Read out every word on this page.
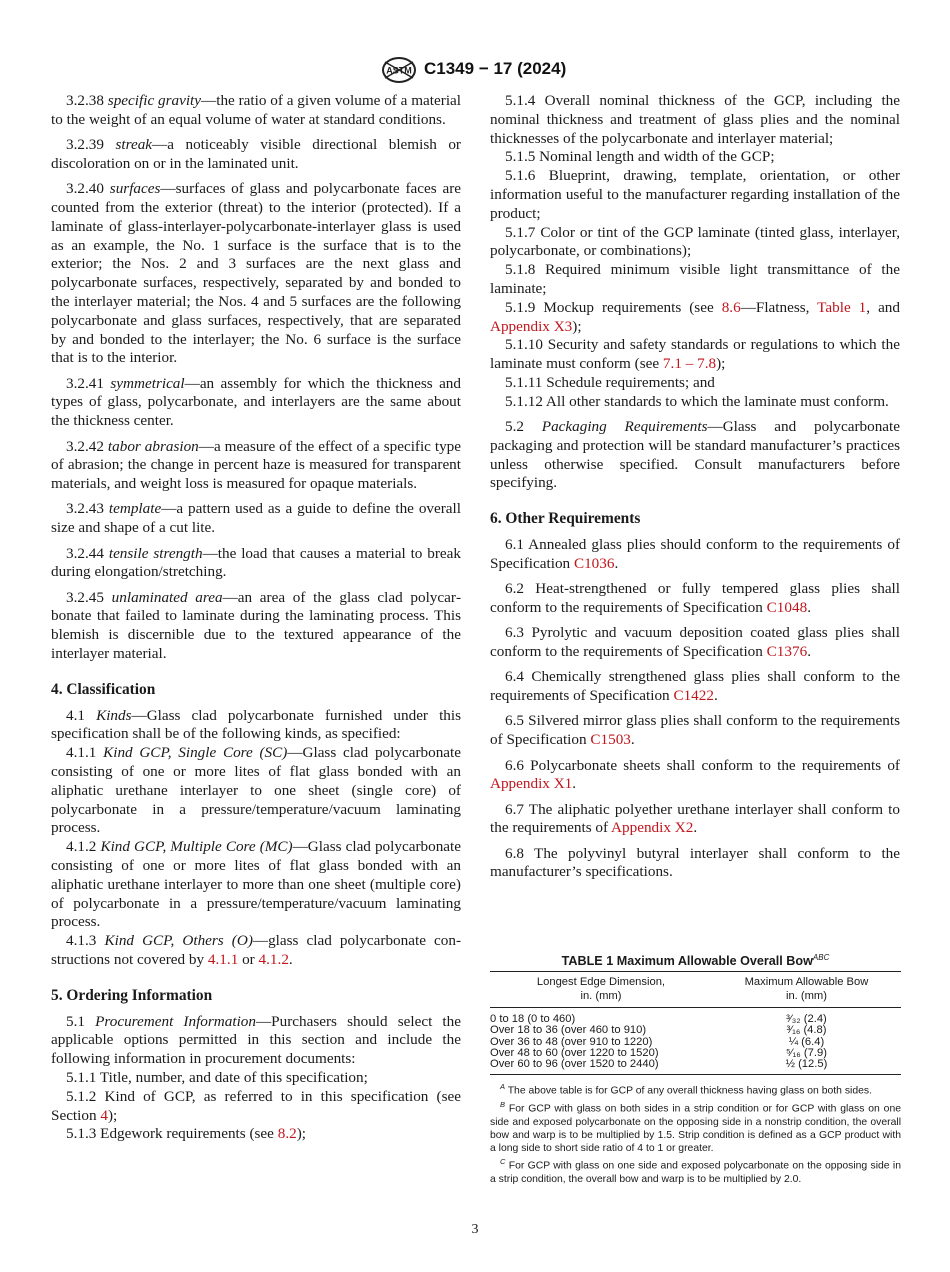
ASTM C1349 − 17 (2024)

3.2.38 specific gravity—the ratio of a given volume of a material to the weight of an equal volume of water at standard conditions.

3.2.39 streak—a noticeably visible directional blemish or discoloration on or in the laminated unit.

3.2.40 surfaces—surfaces of glass and polycarbonate faces are counted from the exterior (threat) to the interior (protected). If a laminate of glass-interlayer-polycarbonate-interlayer glass is used as an example, the No. 1 surface is the surface that is to the exterior; the Nos. 2 and 3 surfaces are the next glass and polycarbonate surfaces, respectively, separated by and bonded to the interlayer material; the Nos. 4 and 5 surfaces are the following polycarbonate and glass surfaces, respectively, that are separated by and bonded to the interlayer; the No. 6 surface is the surface that is to the interior.

3.2.41 symmetrical—an assembly for which the thickness and types of glass, polycarbonate, and interlayers are the same about the thickness center.

3.2.42 tabor abrasion—a measure of the effect of a specific type of abrasion; the change in percent haze is measured for transparent materials, and weight loss is measured for opaque materials.

3.2.43 template—a pattern used as a guide to define the overall size and shape of a cut lite.

3.2.44 tensile strength—the load that causes a material to break during elongation/stretching.

3.2.45 unlaminated area—an area of the glass clad polycarbonate that failed to laminate during the laminating process. This blemish is discernible due to the textured appearance of the interlayer material.

4. Classification

4.1 Kinds—Glass clad polycarbonate furnished under this specification shall be of the following kinds, as specified:

4.1.1 Kind GCP, Single Core (SC)—Glass clad polycarbonate consisting of one or more lites of flat glass bonded with an aliphatic urethane interlayer to one sheet (single core) of polycarbonate in a pressure/temperature/vacuum laminating process.

4.1.2 Kind GCP, Multiple Core (MC)—Glass clad polycarbonate consisting of one or more lites of flat glass bonded with an aliphatic urethane interlayer to more than one sheet (multiple core) of polycarbonate in a pressure/temperature/vacuum laminating process.

4.1.3 Kind GCP, Others (O)—glass clad polycarbonate constructions not covered by 4.1.1 or 4.1.2.

5. Ordering Information

5.1 Procurement Information—Purchasers should select the applicable options permitted in this section and include the following information in procurement documents:

5.1.1 Title, number, and date of this specification;

5.1.2 Kind of GCP, as referred to in this specification (see Section 4);

5.1.3 Edgework requirements (see 8.2);

5.1.4 Overall nominal thickness of the GCP, including the nominal thickness and treatment of glass plies and the nominal thicknesses of the polycarbonate and interlayer material;

5.1.5 Nominal length and width of the GCP;

5.1.6 Blueprint, drawing, template, orientation, or other information useful to the manufacturer regarding installation of the product;

5.1.7 Color or tint of the GCP laminate (tinted glass, interlayer, polycarbonate, or combinations);

5.1.8 Required minimum visible light transmittance of the laminate;

5.1.9 Mockup requirements (see 8.6—Flatness, Table 1, and Appendix X3);

5.1.10 Security and safety standards or regulations to which the laminate must conform (see 7.1 – 7.8);

5.1.11 Schedule requirements; and

5.1.12 All other standards to which the laminate must conform.

5.2 Packaging Requirements—Glass and polycarbonate packaging and protection will be standard manufacturer’s practices unless otherwise specified. Consult manufacturers before specifying.

6. Other Requirements

6.1 Annealed glass plies should conform to the requirements of Specification C1036.

6.2 Heat-strengthened or fully tempered glass plies shall conform to the requirements of Specification C1048.

6.3 Pyrolytic and vacuum deposition coated glass plies shall conform to the requirements of Specification C1376.

6.4 Chemically strengthened glass plies shall conform to the requirements of Specification C1422.

6.5 Silvered mirror glass plies shall conform to the requirements of Specification C1503.

6.6 Polycarbonate sheets shall conform to the requirements of Appendix X1.

6.7 The aliphatic polyether urethane interlayer shall conform to the requirements of Appendix X2.

6.8 The polyvinyl butyral interlayer shall conform to the manufacturer’s specifications.

TABLE 1 Maximum Allowable Overall Bow$^{ABC}$
Longest Edge Dimension,
in. (mm)	Maximum Allowable Bow
in. (mm)
0 to 18 (0 to 460)	³⁄₃₂ (2.4)
Over 18 to 36 (over 460 to 910)	³⁄₁₆ (4.8)
Over 36 to 48 (over 910 to 1220)	¼ (6.4)
Over 48 to 60 (over 1220 to 1520)	⁵⁄₁₆ (7.9)
Over 60 to 96 (over 1520 to 2440)	½ (12.5)

$^A$ The above table is for GCP of any overall thickness having glass on both sides.

$^B$ For GCP with glass on both sides in a strip condition or for GCP with glass on one side and exposed polycarbonate on the opposing side in a nonstrip condition, the overall bow and warp is to be multiplied by 1.5. Strip condition is defined as a GCP product with a long side to short side ratio of 4 to 1 or greater.

$^C$ For GCP with glass on one side and exposed polycarbonate on the opposing side in a strip condition, the overall bow and warp is to be multiplied by 2.0.

3
